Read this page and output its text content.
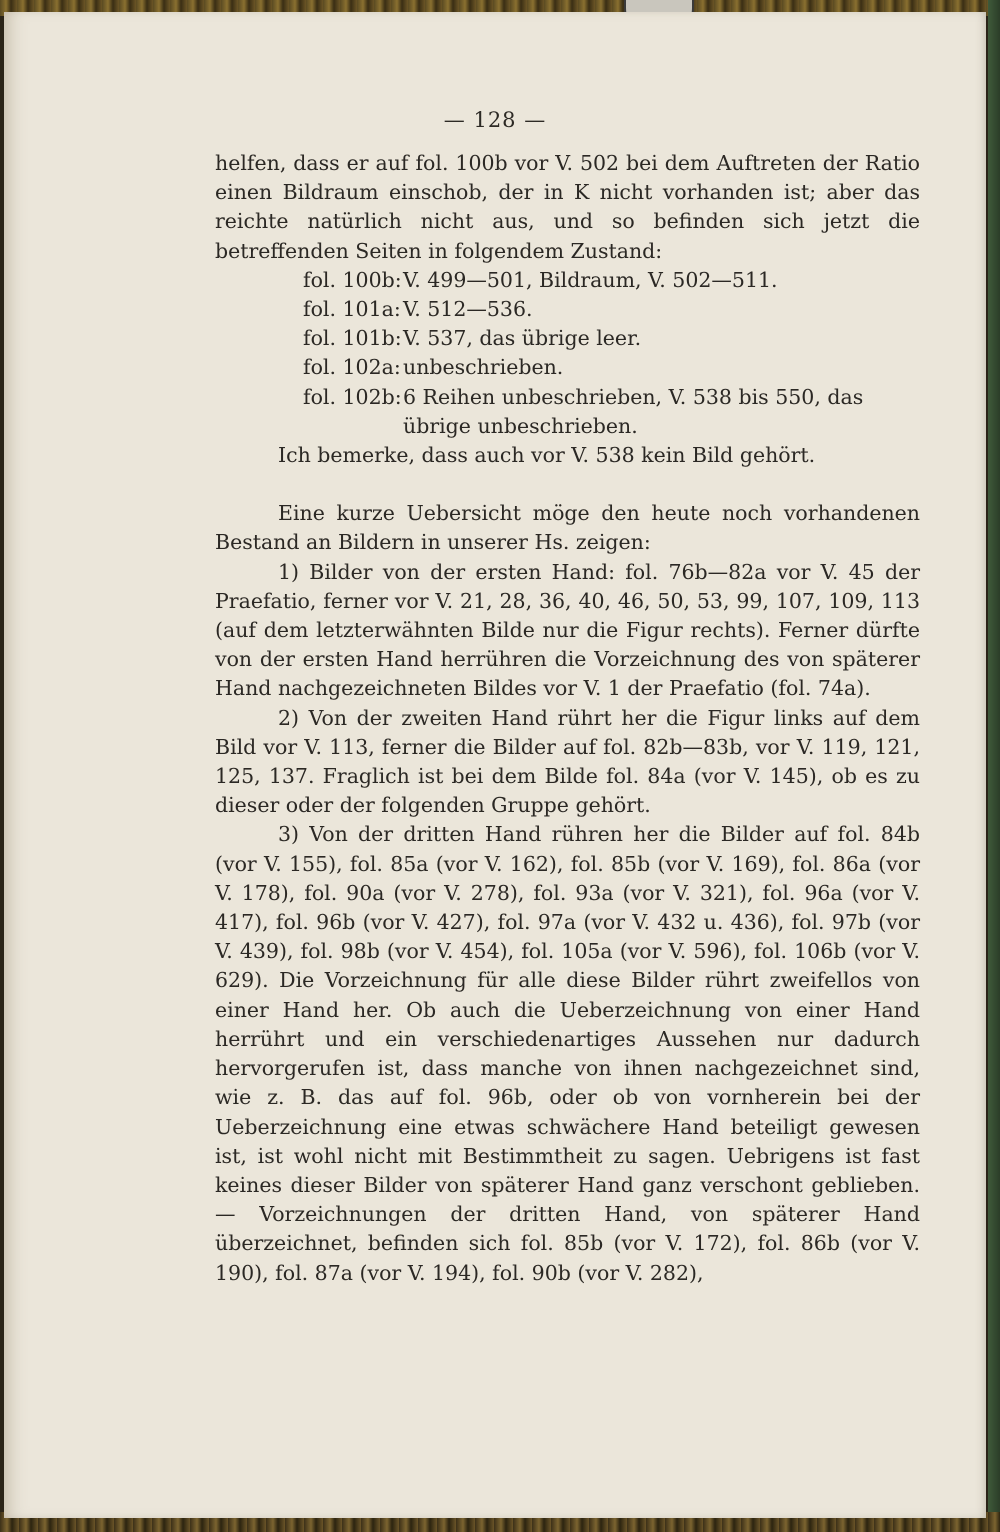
— 128 —

helfen, dass er auf fol. 100b vor V. 502 bei dem Auftreten der Ratio einen Bildraum einschob, der in K nicht vorhanden ist; aber das reichte natürlich nicht aus, und so befinden sich jetzt die betreffenden Seiten in folgendem Zustand:

fol. 100b: V. 499—501, Bildraum, V. 502—511.
fol. 101a: V. 512—536.
fol. 101b: V. 537, das übrige leer.
fol. 102a: unbeschrieben.
fol. 102b: 6 Reihen unbeschrieben, V. 538 bis 550, das übrige unbeschrieben.

Ich bemerke, dass auch vor V. 538 kein Bild gehört.

Eine kurze Uebersicht möge den heute noch vorhandenen Bestand an Bildern in unserer Hs. zeigen:

1) Bilder von der ersten Hand: fol. 76b—82a vor V. 45 der Praefatio, ferner vor V. 21, 28, 36, 40, 46, 50, 53, 99, 107, 109, 113 (auf dem letzterwähnten Bilde nur die Figur rechts). Ferner dürfte von der ersten Hand herrühren die Vorzeichnung des von späterer Hand nachgezeichneten Bildes vor V. 1 der Praefatio (fol. 74a).

2) Von der zweiten Hand rührt her die Figur links auf dem Bild vor V. 113, ferner die Bilder auf fol. 82b—83b, vor V. 119, 121, 125, 137. Fraglich ist bei dem Bilde fol. 84a (vor V. 145), ob es zu dieser oder der folgenden Gruppe gehört.

3) Von der dritten Hand rühren her die Bilder auf fol. 84b (vor V. 155), fol. 85a (vor V. 162), fol. 85b (vor V. 169), fol. 86a (vor V. 178), fol. 90a (vor V. 278), fol. 93a (vor V. 321), fol. 96a (vor V. 417), fol. 96b (vor V. 427), fol. 97a (vor V. 432 u. 436), fol. 97b (vor V. 439), fol. 98b (vor V. 454), fol. 105a (vor V. 596), fol. 106b (vor V. 629). Die Vorzeichnung für alle diese Bilder rührt zweifellos von einer Hand her. Ob auch die Ueberzeichnung von einer Hand herrührt und ein verschiedenartiges Aussehen nur dadurch hervorgerufen ist, dass manche von ihnen nachgezeichnet sind, wie z. B. das auf fol. 96b, oder ob von vornherein bei der Ueberzeichnung eine etwas schwächere Hand beteiligt gewesen ist, ist wohl nicht mit Bestimmtheit zu sagen. Uebrigens ist fast keines dieser Bilder von späterer Hand ganz verschont geblieben. — Vorzeichnungen der dritten Hand, von späterer Hand überzeichnet, befinden sich fol. 85b (vor V. 172), fol. 86b (vor V. 190), fol. 87a (vor V. 194), fol. 90b (vor V. 282),
